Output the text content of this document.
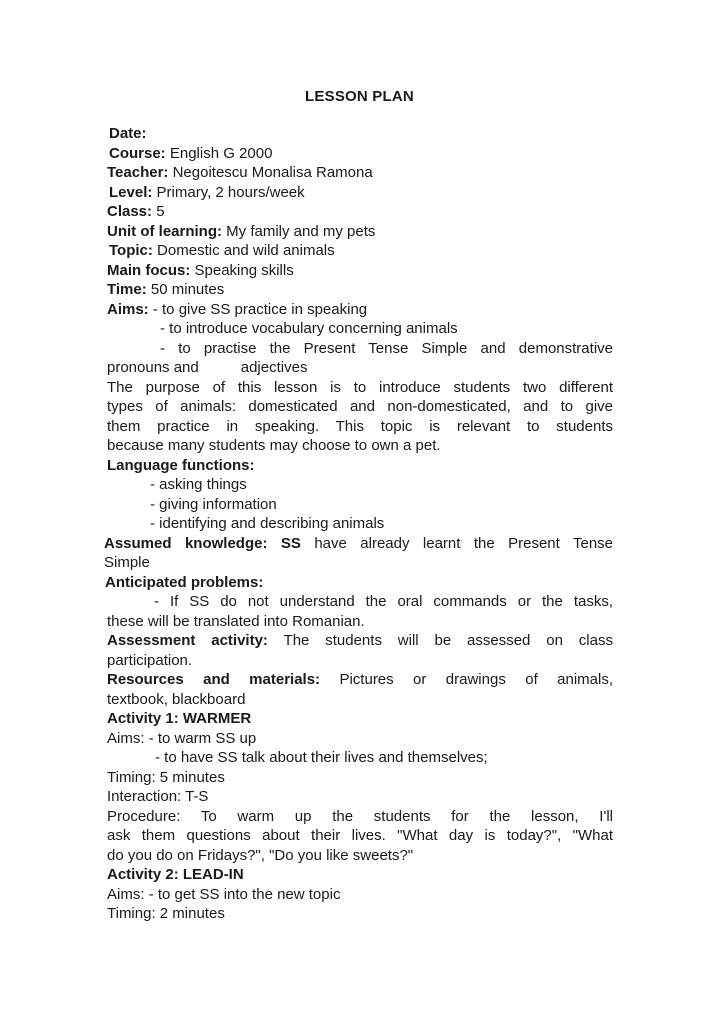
LESSON PLAN
Date:
Course: English G 2000
Teacher: Negoitescu Monalisa Ramona
Level: Primary, 2 hours/week
Class: 5
Unit of learning: My family and my pets
Topic: Domestic and wild animals
Main focus: Speaking skills
Time: 50 minutes
Aims: - to give SS practice in speaking
- to introduce vocabulary concerning animals
- to practise the Present Tense Simple and demonstrative
pronouns and	adjectives
The purpose of this lesson is to introduce students two different
types of animals: domesticated and non-domesticated, and to give
them practice in speaking. This topic is relevant to students
because many students may choose to own a pet.
Language functions:
- asking things
- giving information
- identifying and describing animals
Assumed knowledge: SS have already learnt the Present Tense
Simple
Anticipated problems:
- If SS do not understand the oral commands or the tasks,
these will be translated into Romanian.
Assessment activity: The students will be assessed on class
participation.
Resources and materials: Pictures or drawings of animals,
textbook, blackboard
Activity 1: WARMER
Aims: - to warm SS up
- to have SS talk about their lives and themselves;
Timing: 5 minutes
Interaction: T-S
Procedure: To warm up the students for the lesson, I'll
ask them questions about their lives. "What day is today?", "What
do you do on Fridays?", "Do you like sweets?"
Activity 2: LEAD-IN
Aims: - to get SS into the new topic
Timing: 2 minutes
